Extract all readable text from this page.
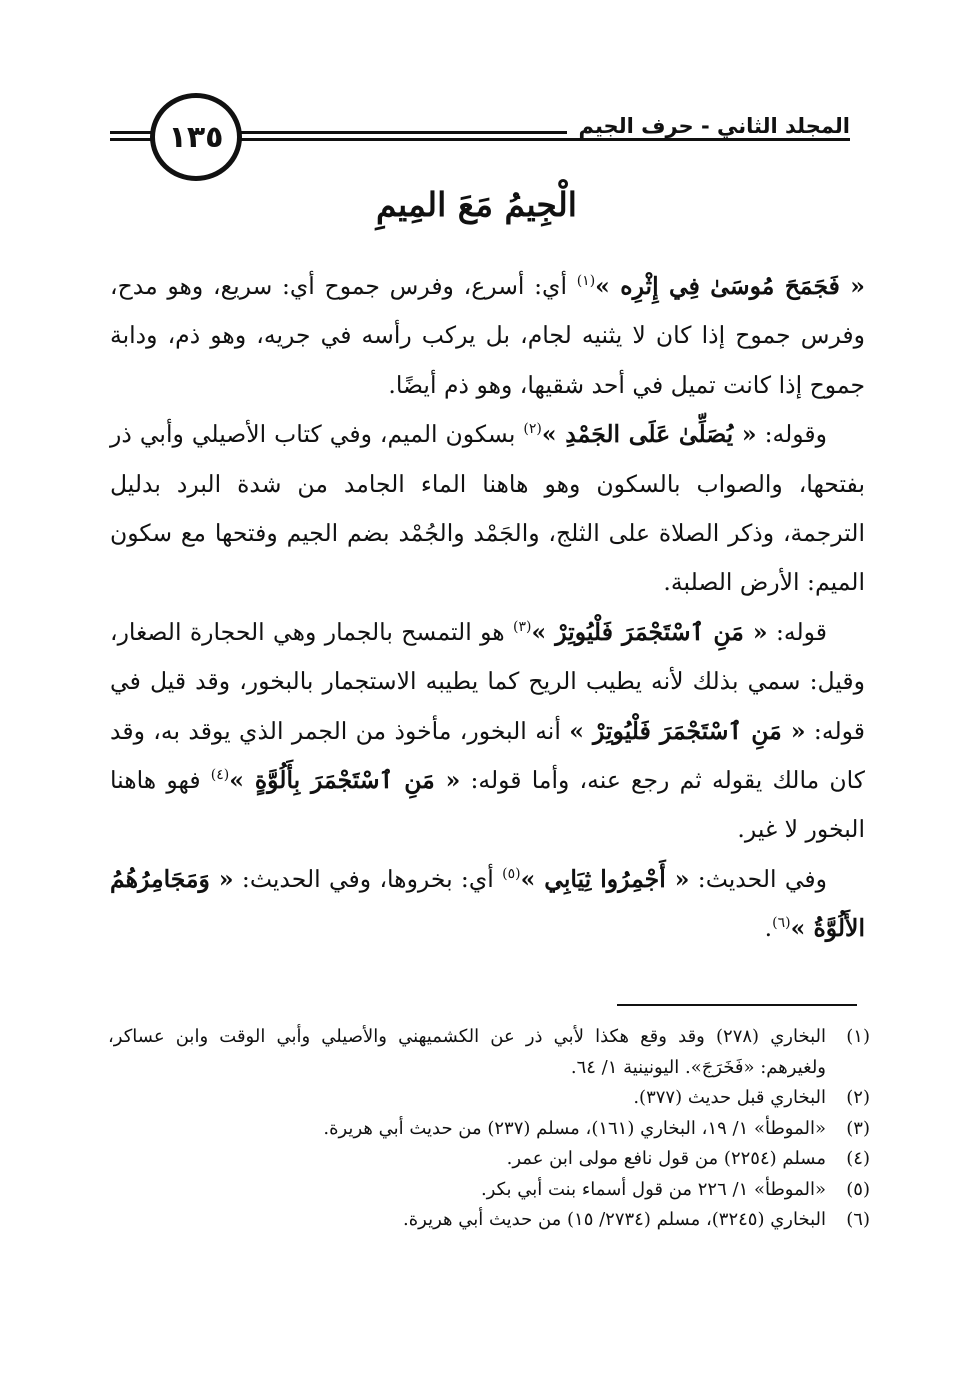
المجلد الثاني - حرف الجيم
١٣٥
الْجِيمُ مَعَ المِيمِ

« فَجَمَحَ مُوسَىٰ فِي إِثْرِه »$^{(١)}$ أي: أسرع، وفرس جموح أي: سريع، وهو مدح، وفرس جموح إذا كان لا يثنيه لجام، بل يركب رأسه في جريه، وهو ذم، ودابة جموح إذا كانت تميل في أحد شقيها، وهو ذم أيضًا.

وقوله: « يُصَلِّىٰ عَلَى الجَمْدِ »$^{(٢)}$ بسكون الميم، وفي كتاب الأصيلي وأبي ذر بفتحها، والصواب بالسكون وهو هاهنا الماء الجامد من شدة البرد بدليل الترجمة، وذكر الصلاة على الثلج، والجَمْد والجُمْد بضم الجيم وفتحها مع سكون الميم: الأرض الصلبة.

قوله: « مَنِ ٱسْتَجْمَرَ فَلْيُوتِرْ »$^{(٣)}$ هو التمسح بالجمار وهي الحجارة الصغار، وقيل: سمي بذلك لأنه يطيب الريح كما يطيبه الاستجمار بالبخور، وقد قيل في قوله: « مَنِ ٱسْتَجْمَرَ فَلْيُوتِرْ » أنه البخور، مأخوذ من الجمر الذي يوقد به، وقد كان مالك يقوله ثم رجع عنه، وأما قوله: « مَنِ ٱسْتَجْمَرَ بِأَلُوَّةٍ »$^{(٤)}$ فهو هاهنا البخور لا غير.

وفي الحديث: « أَجْمِرُوا ثِيَابِي »$^{(٥)}$ أي: بخروها، وفي الحديث: « وَمَجَامِرُهُمُ الأَلُوَّةُ »$^{(٦)}$.

(١)
البخاري (٢٧٨) وقد وقع هكذا لأبي ذر عن الكشميهني والأصيلي وأبي الوقت وابن عساكر، ولغيرهم: «فَخَرَجَ». اليونينية ١/ ٦٤.
(٢)
البخاري قبل حديث (٣٧٧).
(٣)
«الموطأ» ١/ ١٩، البخاري (١٦١)، مسلم (٢٣٧) من حديث أبي هريرة.
(٤)
مسلم (٢٢٥٤) من قول نافع مولى ابن عمر.
(٥)
«الموطأ» ١/ ٢٢٦ من قول أسماء بنت أبي بكر.
(٦)
البخاري (٣٢٤٥)، مسلم (٢٧٣٤/ ١٥) من حديث أبي هريرة.
